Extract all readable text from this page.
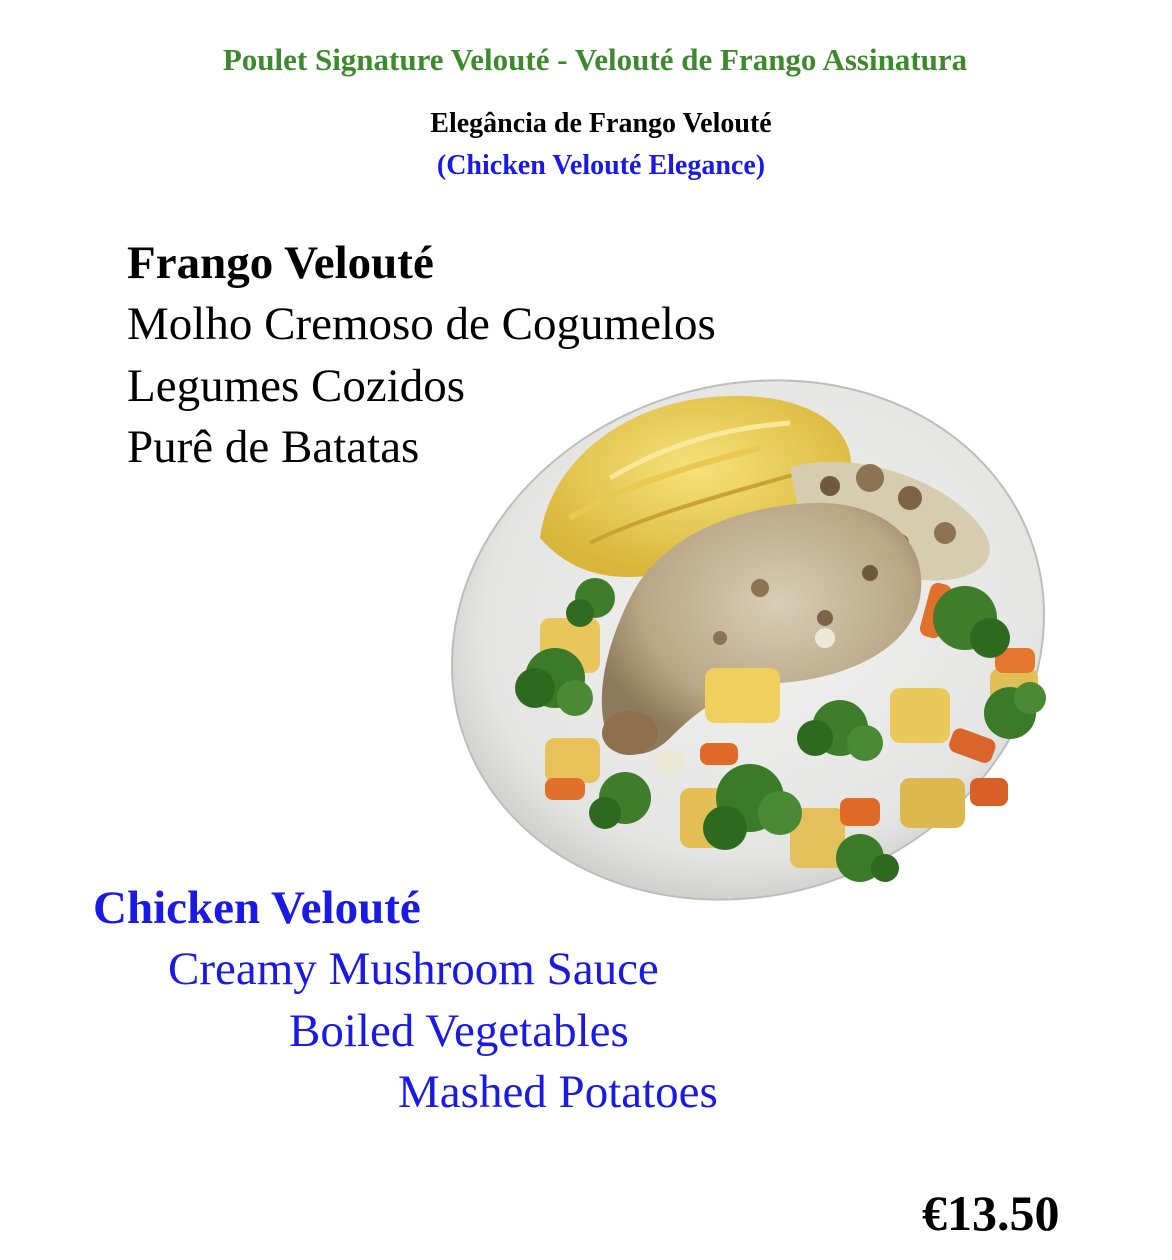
Poulet Signature Velouté - Velouté de Frango Assinatura
Elegância de Frango Velouté
(Chicken Velouté Elegance)
Frango Velouté
Molho Cremoso de Cogumelos
Legumes Cozidos
Purê de Batatas
Chicken Velouté
Creamy Mushroom Sauce
Boiled Vegetables
Mashed Potatoes
€13.50
